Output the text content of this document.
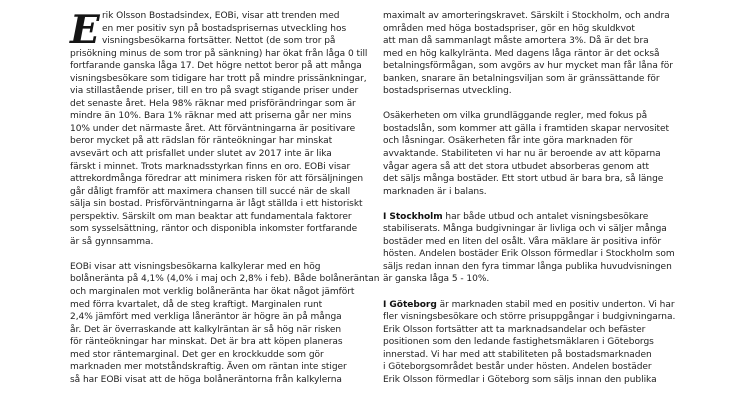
E rik Olsson Bostadsindex, EOBi, visar att trenden med
en mer positiv syn på bostadsprisernas utveckling hos
visningsbesökarna fortsätter. Nettot (de som tror på
prisökning minus de som tror på sänkning) har ökat från låga 0 till
fortfarande ganska låga 17. Det högre nettot beror på att många
visningsbesökare som tidigare har trott på mindre prissänkningar,
via stillastående priser, till en tro på svagt stigande priser under
det senaste året. Hela 98% räknar med prisförändringar som är
mindre än 10%. Bara 1% räknar med att priserna går ner mins
10% under det närmaste året. Att förväntningarna är positivare
beror mycket på att rädslan för ränteökningar har minskat
avsevärt och att prisfallet under slutet av 2017 inte är lika
färskt i minnet. Trots marknadsstyrkan finns en oro. EOBi visar
attrekordmånga föredrar att minimera risken för att försäljningen
går dåligt framför att maximera chansen till succé när de skall
sälja sin bostad. Prisförväntningarna är lågt ställda i ett historiskt
perspektiv. Särskilt om man beaktar att fundamentala faktorer
som sysselsättning, räntor och disponibla inkomster fortfarande
är så gynnsamma.

EOBi visar att visningsbesökarna kalkylerar med en hög
bolåneränta på 4,1% (4,0% i maj och 2,8% i feb). Både bolåneräntan
och marginalen mot verklig bolåneränta har ökat något jämfört
med förra kvartalet, då de steg kraftigt. Marginalen runt
2,4% jämfört med verkliga låneräntor är högre än på många
år. Det är överraskande att kalkylräntan är så hög när risken
för ränteökningar har minskat. Det är bra att köpen planeras
med stor räntemarginal. Det ger en krockkudde som gör
marknaden mer motståndskraftig. Även om räntan inte stiger
så har EOBi visat att de höga bolåneräntorna från kalkylerna

maximalt av amorteringskravet. Särskilt i Stockholm, och andra
områden med höga bostadspriser, gör en hög skuldkvot
att man då sammanlagt måste amortera 3%. Då är det bra
med en hög kalkylränta. Med dagens låga räntor är det också
betalningsförmågan, som avgörs av hur mycket man får låna för
banken, snarare än betalningsviljan som är gränssättande för
bostadsprisernas utveckling.

Osäkerheten om vilka grundläggande regler, med fokus på
bostadslån, som kommer att gälla i framtiden skapar nervositet
och låsningar. Osäkerheten får inte göra marknaden för
avvaktande. Stabiliteten vi har nu är beroende av att köparna
vågar agera så att det stora utbudet absorberas genom att
det säljs många bostäder. Ett stort utbud är bara bra, så länge
marknaden är i balans.

I Stockholm har både utbud och antalet visningsbesökare
stabiliserats. Många budgivningar är livliga och vi säljer många
bostäder med en liten del osålt. Våra mäklare är positiva inför
hösten. Andelen bostäder Erik Olsson förmedlar i Stockholm som
säljs redan innan den fyra timmar långa publika huvudvisningen
är ganska låga 5 - 10%.

I Göteborg är marknaden stabil med en positiv underton. Vi har
fler visningsbesökare och större prisuppgångar i budgivningarna.
Erik Olsson fortsätter att ta marknadsandelar och befäster
positionen som den ledande fastighetsmäklaren i Göteborgs
innerstad. Vi har med att stabiliteten på bostadsmarknaden
i Göteborgsområdet består under hösten. Andelen bostäder
Erik Olsson förmedlar i Göteborg som säljs innan den publika
